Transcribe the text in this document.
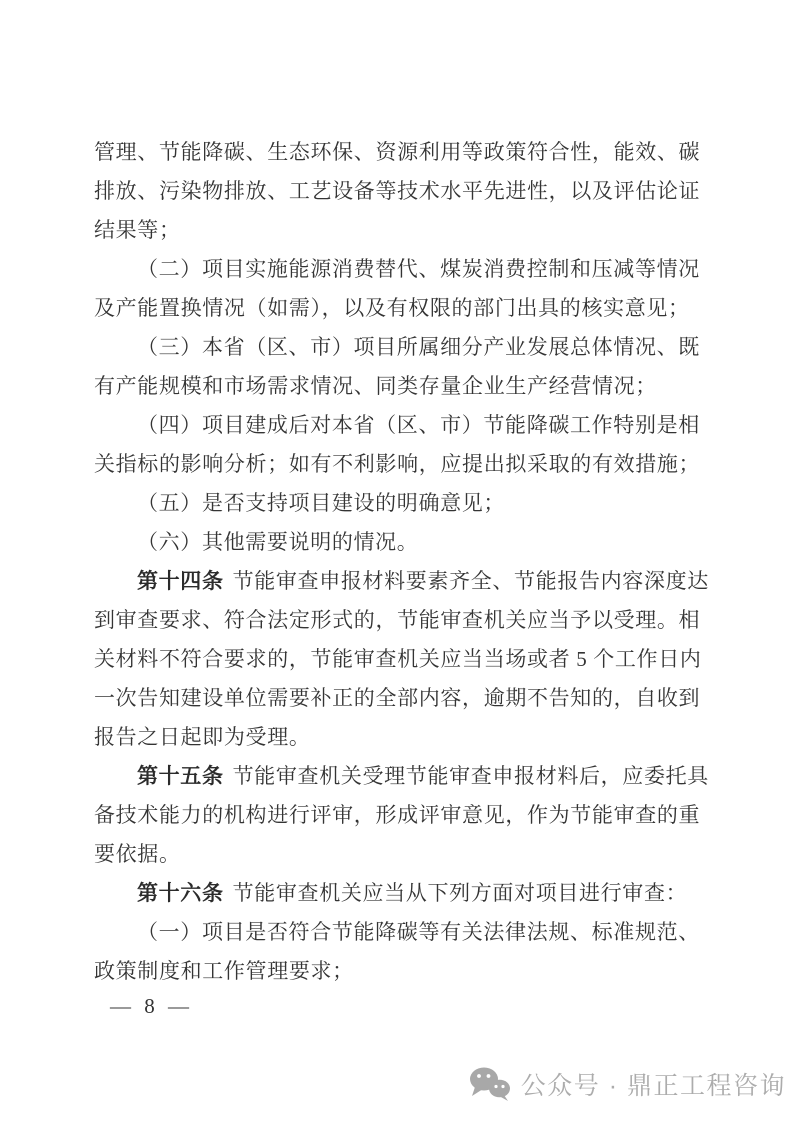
管理、节能降碳、生态环保、资源利用等政策符合性，能效、碳
排放、污染物排放、工艺设备等技术水平先进性，以及评估论证
结果等；
（二）项目实施能源消费替代、煤炭消费控制和压减等情况
及产能置换情况（如需），以及有权限的部门出具的核实意见；
（三）本省（区、市）项目所属细分产业发展总体情况、既
有产能规模和市场需求情况、同类存量企业生产经营情况；
（四）项目建成后对本省（区、市）节能降碳工作特别是相
关指标的影响分析；如有不利影响，应提出拟采取的有效措施；
（五）是否支持项目建设的明确意见；
（六）其他需要说明的情况。
第十四条 节能审查申报材料要素齐全、节能报告内容深度达
到审查要求、符合法定形式的，节能审查机关应当予以受理。相
关材料不符合要求的，节能审查机关应当当场或者 5 个工作日内
一次告知建设单位需要补正的全部内容，逾期不告知的，自收到
报告之日起即为受理。
第十五条 节能审查机关受理节能审查申报材料后，应委托具
备技术能力的机构进行评审，形成评审意见，作为节能审查的重
要依据。
第十六条 节能审查机关应当从下列方面对项目进行审查：
（一）项目是否符合节能降碳等有关法律法规、标准规范、
政策制度和工作管理要求；
— 8 —
公众号 · 鼎正工程咨询
